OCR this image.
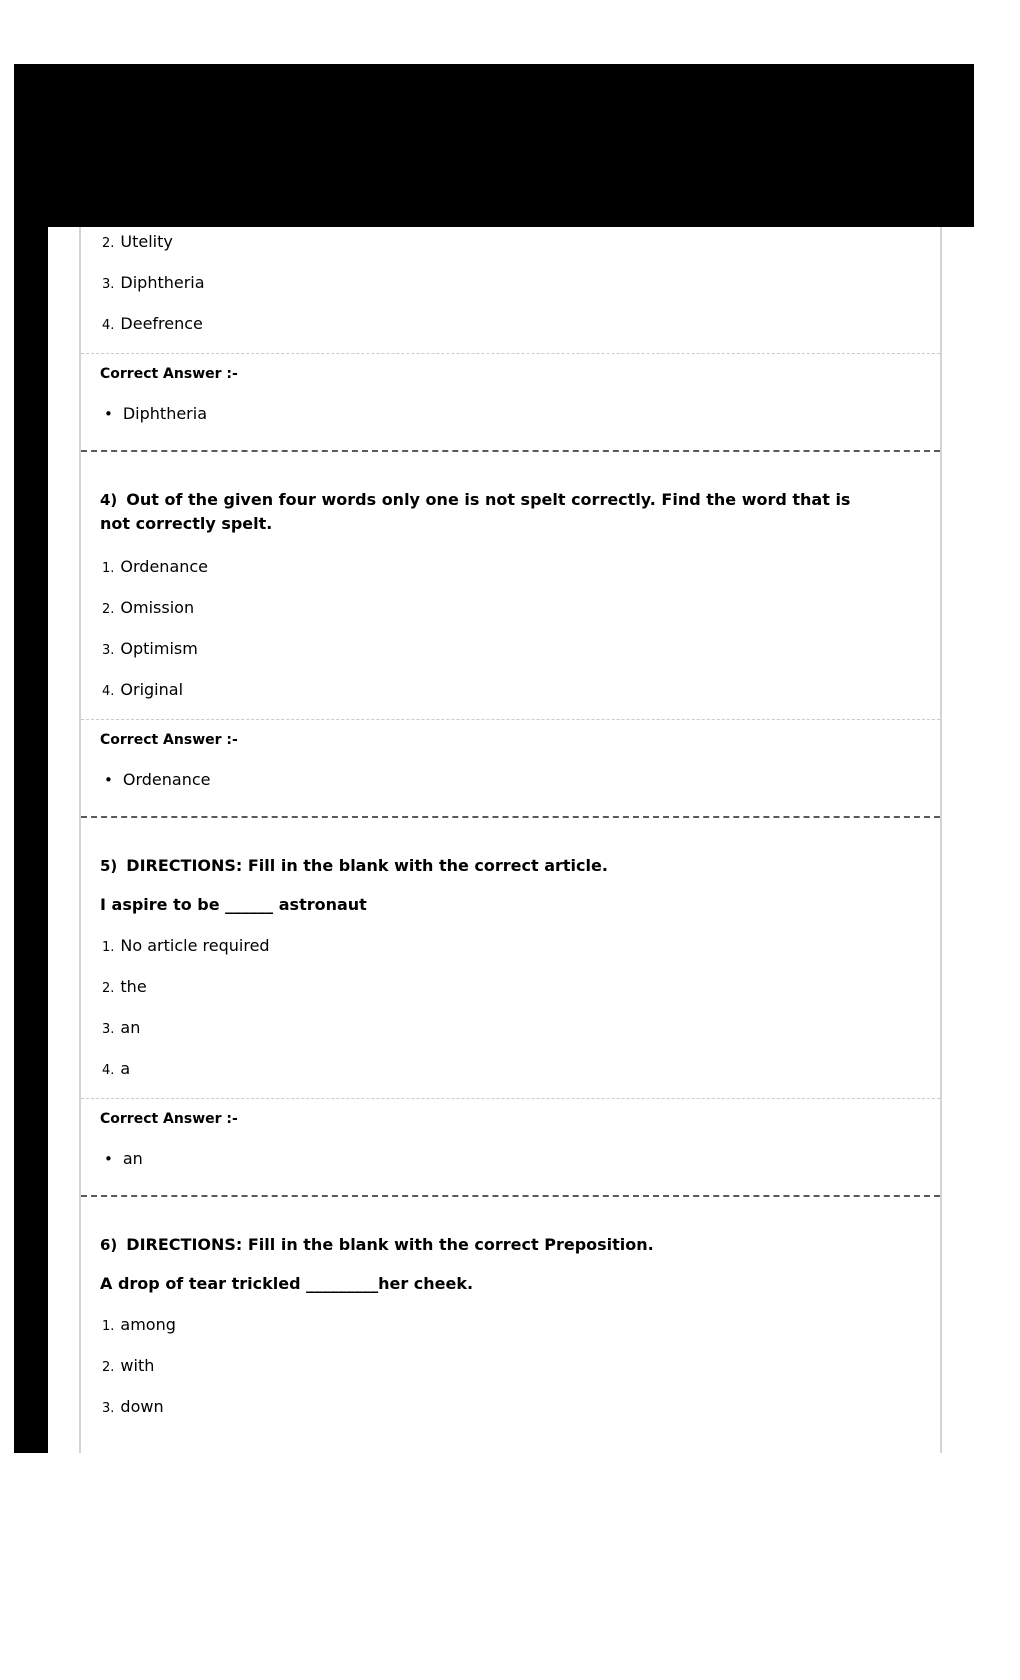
2. Utelity
3. Diphtheria
4. Deefrence
Correct Answer :-
• Diphtheria
4) Out of the given four words only one is not spelt correctly. Find the word that is not correctly spelt.
1. Ordenance
2. Omission
3. Optimism
4. Original
Correct Answer :-
• Ordenance
5) DIRECTIONS: Fill in the blank with the correct article.
I aspire to be ______ astronaut
1. No article required
2. the
3. an
4. a
Correct Answer :-
• an
6) DIRECTIONS: Fill in the blank with the correct Preposition.
A drop of tear trickled _________her cheek.
1. among
2. with
3. down
